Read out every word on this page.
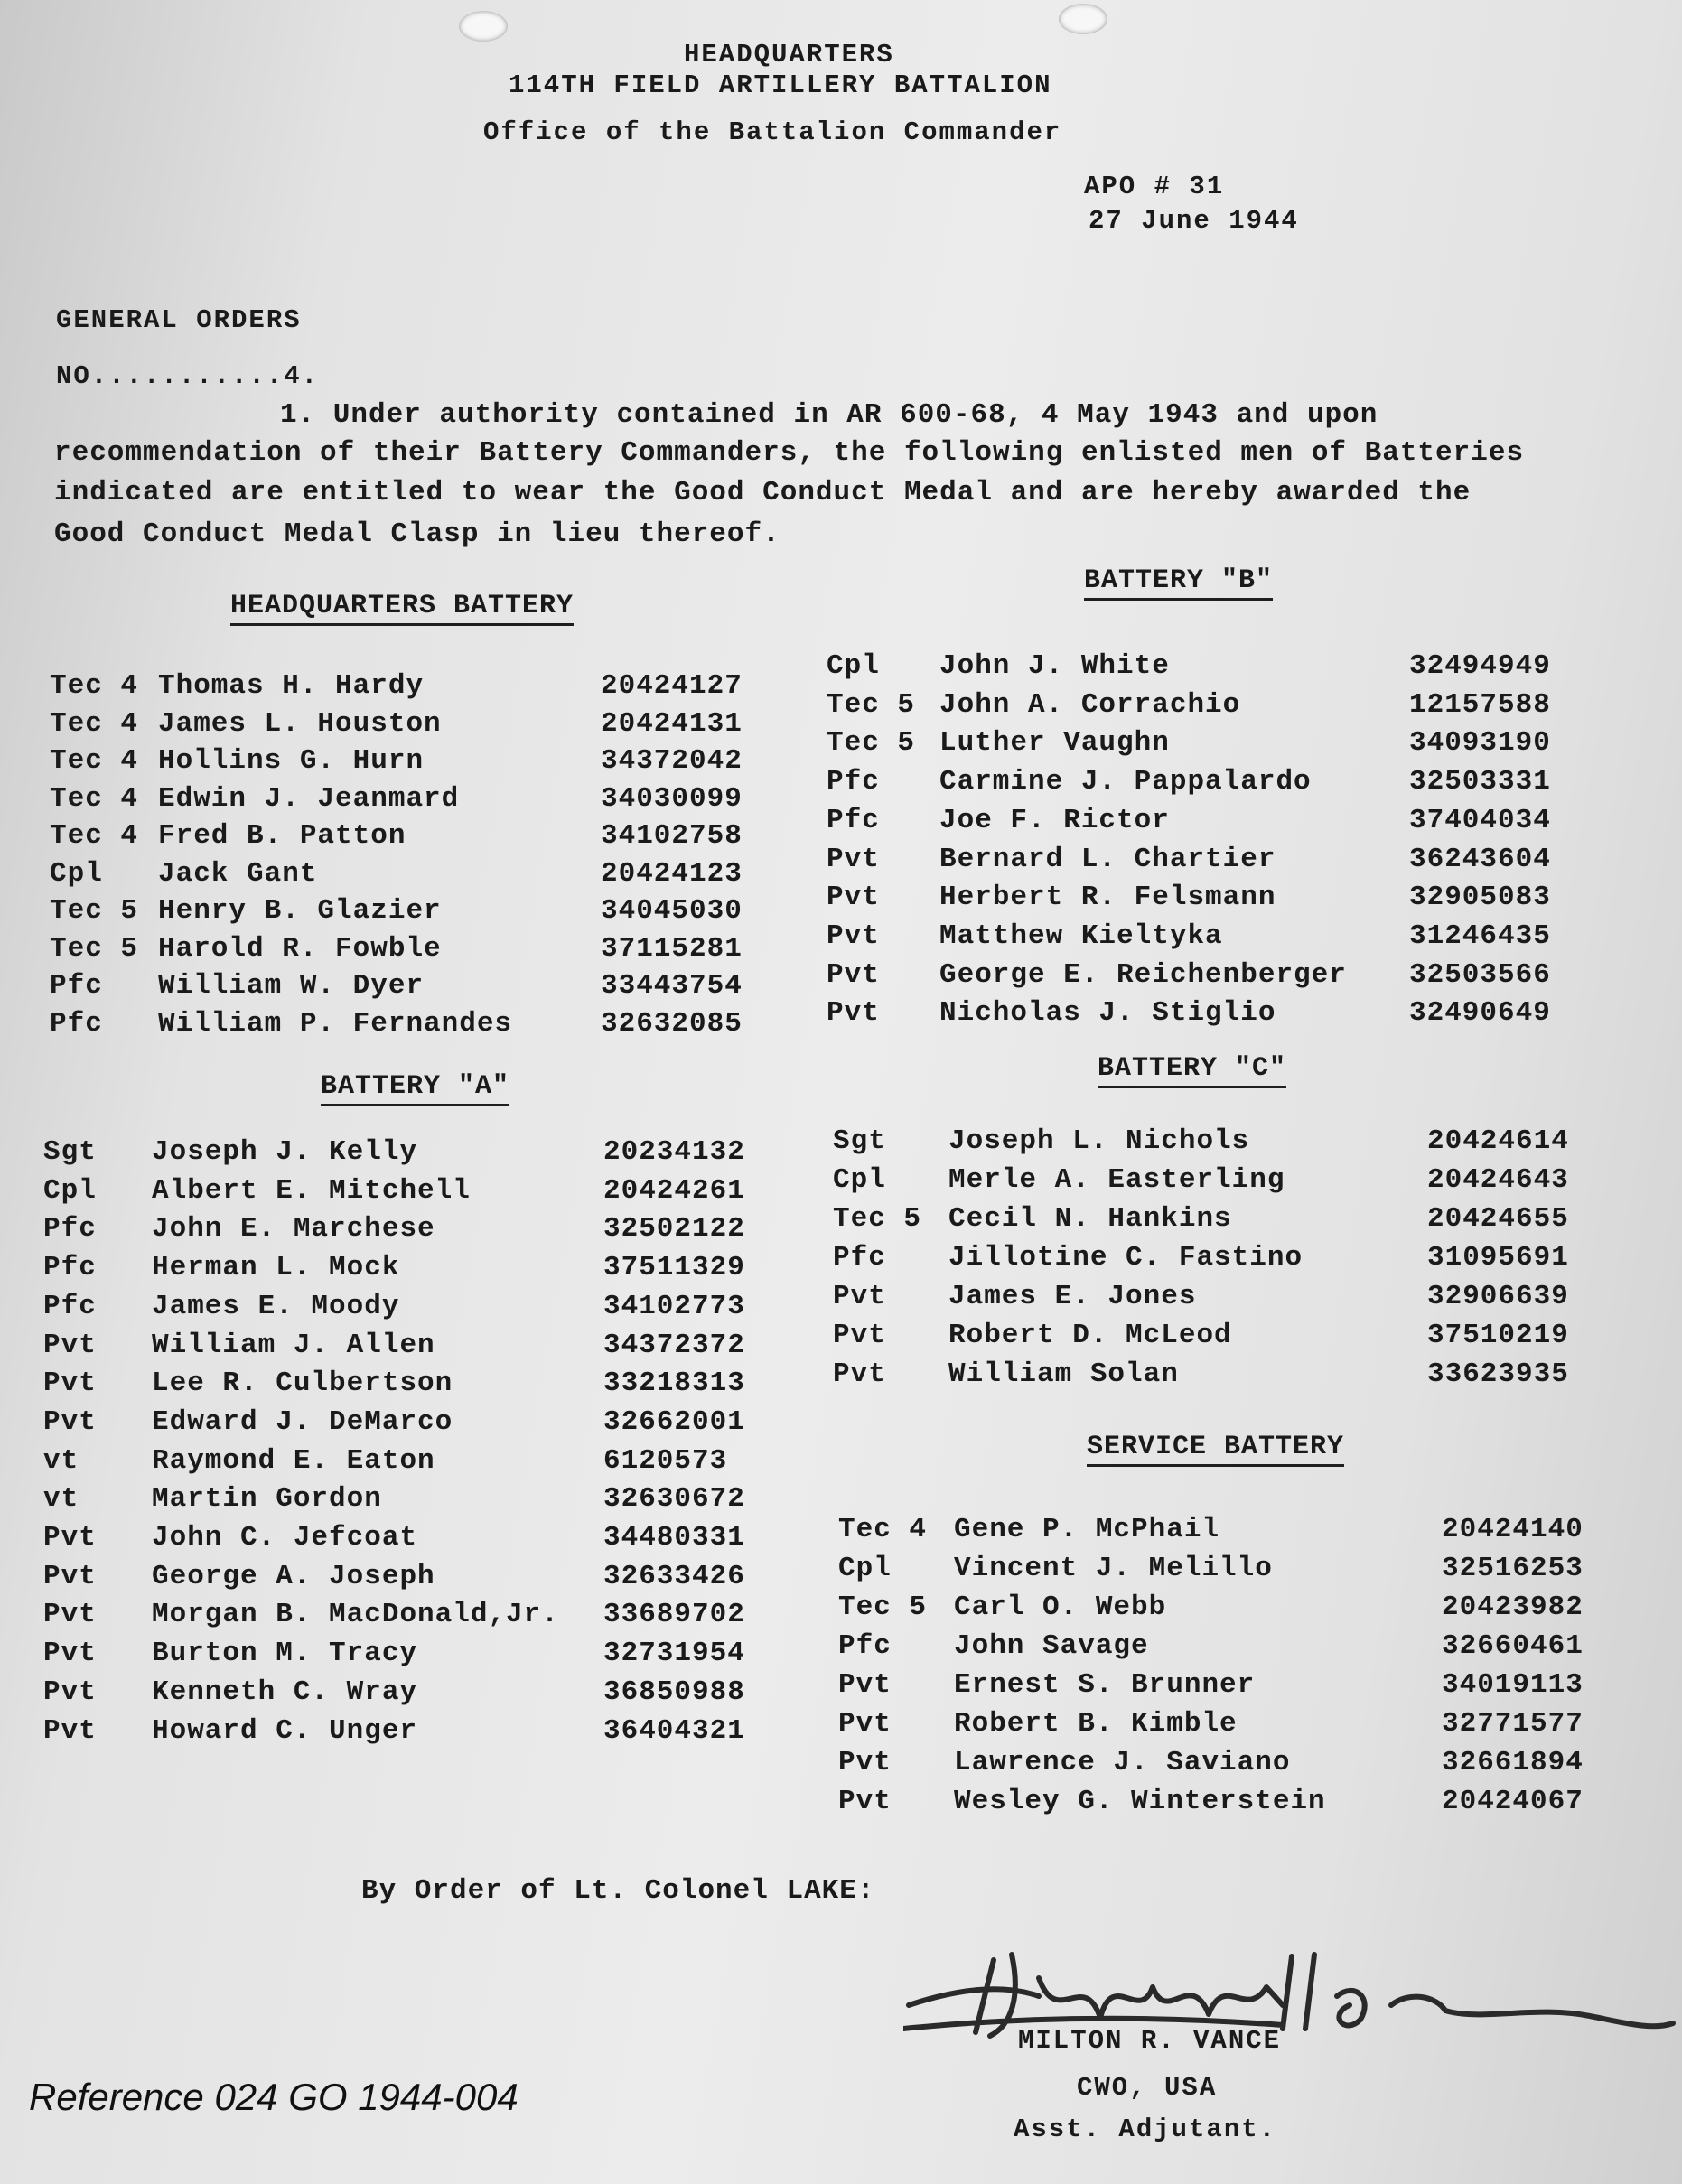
HEADQUARTERS
114TH FIELD ARTILLERY BATTALION
Office of the Battalion Commander
APO # 31
27 June 1944
GENERAL ORDERS
NO...........4.
1. Under authority contained in AR 600-68, 4 May 1943 and upon
recommendation of their Battery Commanders, the following enlisted men of Batteries
indicated are entitled to wear the Good Conduct Medal and are hereby awarded the
Good Conduct Medal Clasp in lieu thereof.
HEADQUARTERS BATTERY
BATTERY "B"
BATTERY "A"
BATTERY "C"
SERVICE BATTERY
Tec 4 Thomas H. Hardy	20424127
Tec 4 James L. Houston	20424131
Tec 4 Hollins G. Hurn	34372042
Tec 4 Edwin J. Jeanmard	34030099
Tec 4 Fred B. Patton	34102758
Cpl Jack Gant	20424123
Tec 5 Henry B. Glazier	34045030
Tec 5 Harold R. Fowble	37115281
Pfc William W. Dyer	33443754
Pfc William P. Fernandes	32632085
Sgt Joseph J. Kelly	20234132
Cpl Albert E. Mitchell	20424261
Pfc John E. Marchese	32502122
Pfc Herman L. Mock	37511329
Pfc James E. Moody	34102773
Pvt William J. Allen	34372372
Pvt Lee R. Culbertson	33218313
Pvt Edward J. DeMarco	32662001
vt	Raymond E. Eaton	6120573
vt	Martin Gordon	32630672
Pvt John C. Jefcoat	34480331
Pvt George A. Joseph	32633426
Pvt Morgan B. MacDonald,Jr. 33689702
Pvt Burton M. Tracy	32731954
Pvt Kenneth C. Wray	36850988
Pvt Howard C. Unger	36404321
Cpl John J. White	32494949
Tec 5 John A. Corrachio	12157588
Tec 5 Luther Vaughn	34093190
Pfc Carmine J. Pappalardo	32503331
Pfc Joe F. Rictor	37404034
Pvt Bernard L. Chartier	36243604
Pvt Herbert R. Felsmann	32905083
Pvt Matthew Kieltyka	31246435
Pvt George E. Reichenberger 32503566
Pvt Nicholas J. Stiglio	32490649
Sgt Joseph L. Nichols	20424614
Cpl Merle A. Easterling	20424643
Tec 5 Cecil N. Hankins	20424655
Pfc Jillotine C. Fastino	31095691
Pvt James E. Jones	32906639
Pvt Robert D. McLeod	37510219
Pvt William Solan	33623935
Tec 4 Gene P. McPhail	20424140
Cpl Vincent J. Melillo	32516253
Tec 5 Carl O. Webb	20423982
Pfc John Savage	32660461
Pvt Ernest S. Brunner	34019113
Pvt Robert B. Kimble	32771577
Pvt Lawrence J. Saviano	32661894
Pvt Wesley G. Winterstein	20424067
By Order of Lt. Colonel LAKE:
MILTON R. VANCE
CWO, USA
Asst. Adjutant.
Reference 024 GO 1944-004
